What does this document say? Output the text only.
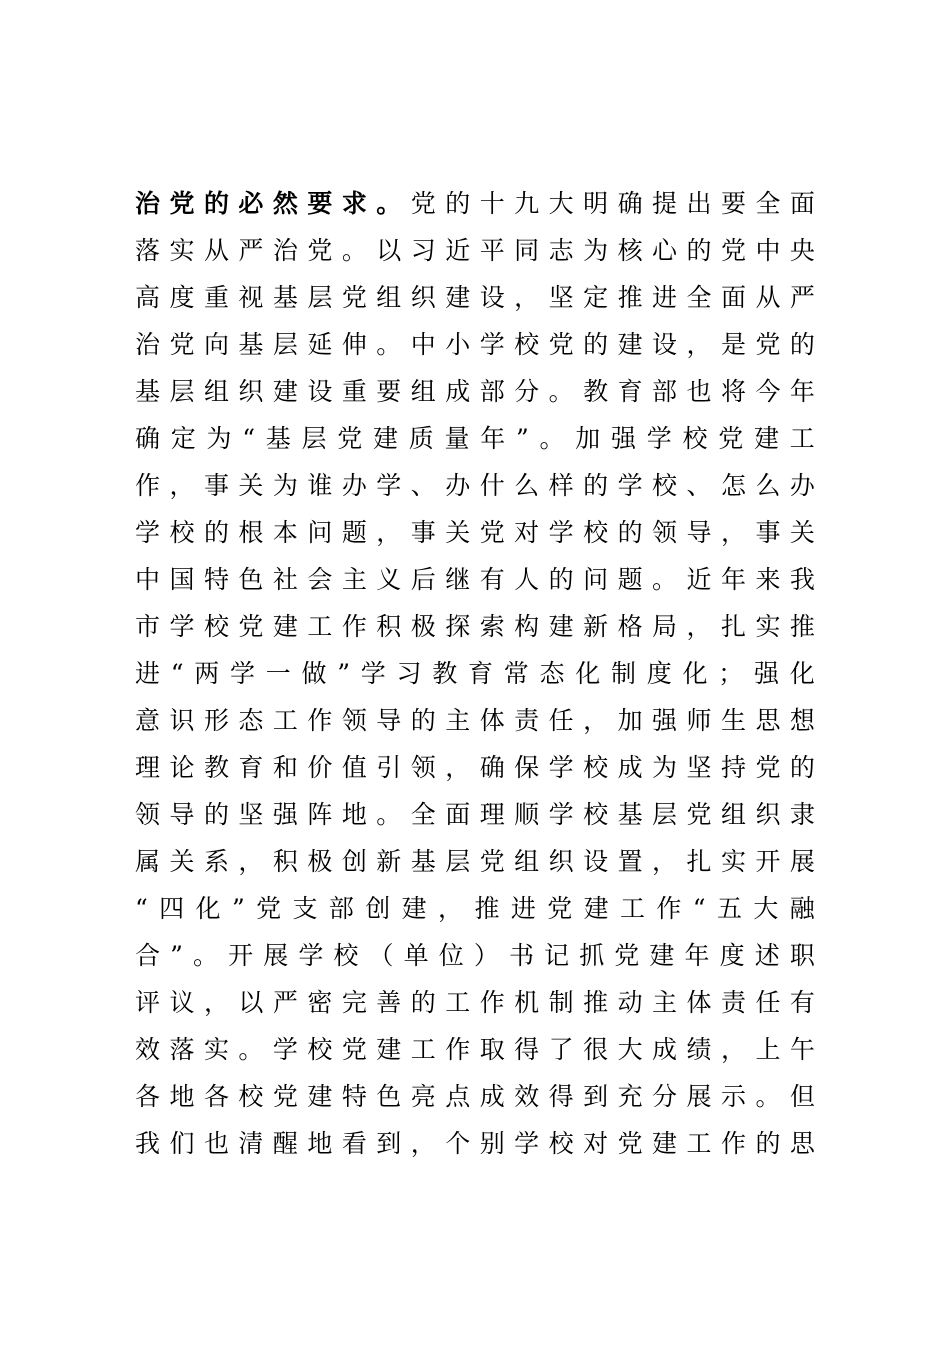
治 党 的 必 然 要 求 。 党 的 十 九 大 明 确 提 出 要 全 面
落 实 从 严 治 党 。 以 习 近 平 同 志 为 核 心 的 党 中 央
高 度 重 视 基 层 党 组 织 建 设 ， 坚 定 推 进 全 面 从 严
治 党 向 基 层 延 伸 。 中 小 学 校 党 的 建 设 ， 是 党 的
基 层 组 织 建 设 重 要 组 成 部 分 。 教 育 部 也 将 今 年
确 定 为 “ 基 层 党 建 质 量 年 ” 。 加 强 学 校 党 建 工
作 ， 事 关 为 谁 办 学 、 办 什 么 样 的 学 校 、 怎 么 办
学 校 的 根 本 问 题 ， 事 关 党 对 学 校 的 领 导 ， 事 关
中 国 特 色 社 会 主 义 后 继 有 人 的 问 题 。 近 年 来 我
市 学 校 党 建 工 作 积 极 探 索 构 建 新 格 局 ， 扎 实 推
进 “ 两 学 一 做 ” 学 习 教 育 常 态 化 制 度 化 ； 强 化
意 识 形 态 工 作 领 导 的 主 体 责 任 ， 加 强 师 生 思 想
理 论 教 育 和 价 值 引 领 ， 确 保 学 校 成 为 坚 持 党 的
领 导 的 坚 强 阵 地 。 全 面 理 顺 学 校 基 层 党 组 织 隶
属 关 系 ， 积 极 创 新 基 层 党 组 织 设 置 ， 扎 实 开 展
“ 四 化 ” 党 支 部 创 建 ， 推 进 党 建 工 作 “ 五 大 融
合 ” 。 开 展 学 校 （ 单 位 ） 书 记 抓 党 建 年 度 述 职
评 议 ， 以 严 密 完 善 的 工 作 机 制 推 动 主 体 责 任 有
效 落 实 。 学 校 党 建 工 作 取 得 了 很 大 成 绩 ， 上 午
各 地 各 校 党 建 特 色 亮 点 成 效 得 到 充 分 展 示 。 但
我 们 也 清 醒 地 看 到 ， 个 别 学 校 对 党 建 工 作 的 思
